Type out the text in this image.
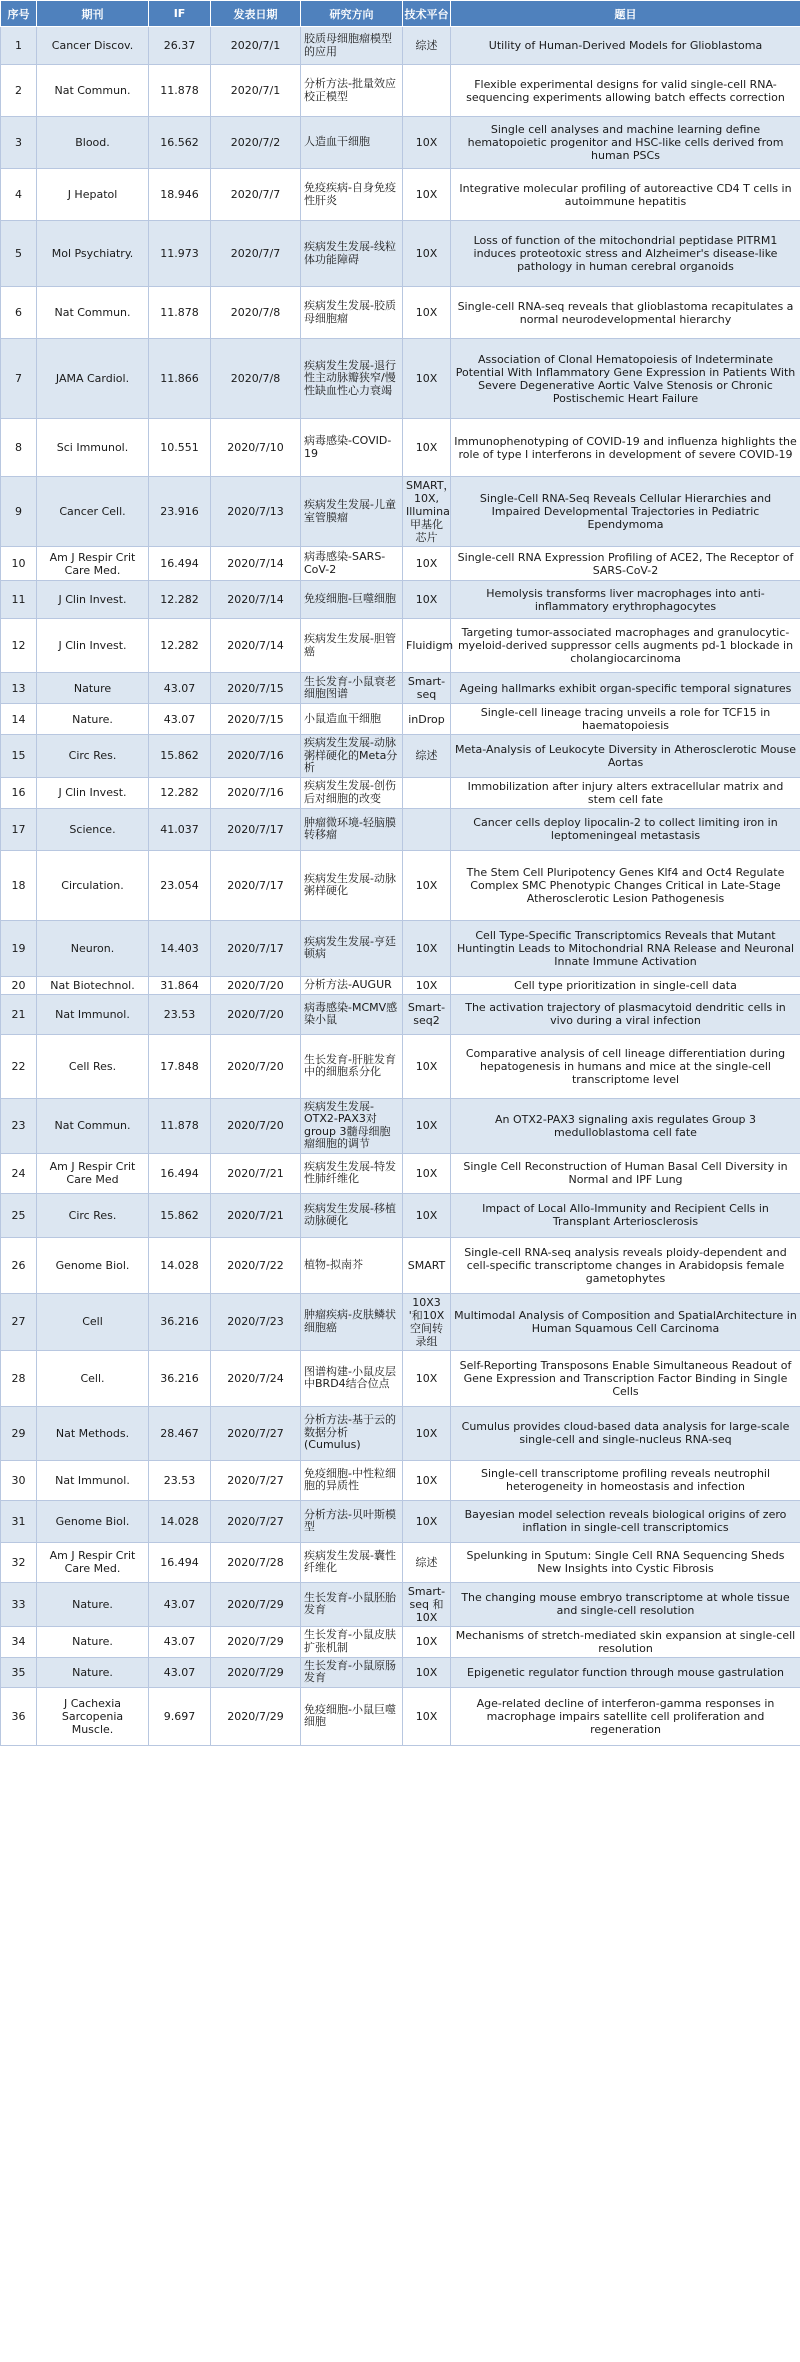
序号	期刊	IF	发表日期	研究方向	技术平台	题目
1	Cancer Discov.	26.37	2020/7/1	胶质母细胞瘤模型的应用	综述	Utility of Human-Derived Models for Glioblastoma
2	Nat Commun.	11.878	2020/7/1	分析方法-批量效应校正模型		Flexible experimental designs for valid single-cell RNA-sequencing experiments allowing batch effects correction
3	Blood.	16.562	2020/7/2	人造血干细胞	10X	Single cell analyses and machine learning define hematopoietic progenitor and HSC-like cells derived from human PSCs
4	J Hepatol	18.946	2020/7/7	免疫疾病-自身免疫性肝炎	10X	Integrative molecular profiling of autoreactive CD4 T cells in autoimmune hepatitis
5	Mol Psychiatry.	11.973	2020/7/7	疾病发生发展-线粒体功能障碍	10X	Loss of function of the mitochondrial peptidase PITRM1 induces proteotoxic stress and Alzheimer's disease-like pathology in human cerebral organoids
6	Nat Commun.	11.878	2020/7/8	疾病发生发展-胶质母细胞瘤	10X	Single-cell RNA-seq reveals that glioblastoma recapitulates a normal neurodevelopmental hierarchy
7	JAMA Cardiol.	11.866	2020/7/8	疾病发生发展-退行性主动脉瓣狭窄/慢性缺血性心力衰竭	10X	Association of Clonal Hematopoiesis of Indeterminate Potential With Inflammatory Gene Expression in Patients With Severe Degenerative Aortic Valve Stenosis or Chronic Postischemic Heart Failure
8	Sci Immunol.	10.551	2020/7/10	病毒感染-COVID-19	10X	Immunophenotyping of COVID-19 and influenza highlights the role of type I interferons in development of severe COVID-19
9	Cancer Cell.	23.916	2020/7/13	疾病发生发展-儿童室管膜瘤	SMART，10X, Illumina甲基化芯片	Single-Cell RNA-Seq Reveals Cellular Hierarchies and Impaired Developmental Trajectories in Pediatric Ependymoma
10	Am J Respir Crit Care Med.	16.494	2020/7/14	病毒感染-SARS-CoV-2	10X	Single-cell RNA Expression Profiling of ACE2, The Receptor of SARS-CoV-2
11	J Clin Invest.	12.282	2020/7/14	免疫细胞-巨噬细胞	10X	Hemolysis transforms liver macrophages into anti-inflammatory erythrophagocytes
12	J Clin Invest.	12.282	2020/7/14	疾病发生发展-胆管癌	Fluidigm	Targeting tumor-associated macrophages and granulocytic-myeloid-derived suppressor cells augments pd-1 blockade in cholangiocarcinoma
13	Nature	43.07	2020/7/15	生长发育-小鼠衰老细胞图谱	Smart-seq	Ageing hallmarks exhibit organ-specific temporal signatures
14	Nature.	43.07	2020/7/15	小鼠造血干细胞	inDrop	Single-cell lineage tracing unveils a role for TCF15 in haematopoiesis
15	Circ Res.	15.862	2020/7/16	疾病发生发展-动脉粥样硬化的Meta分析	综述	Meta-Analysis of Leukocyte Diversity in Atherosclerotic Mouse Aortas
16	J Clin Invest.	12.282	2020/7/16	疾病发生发展-创伤后对细胞的改变		Immobilization after injury alters extracellular matrix and stem cell fate
17	Science.	41.037	2020/7/17	肿瘤微环境-轻脑膜转移瘤		Cancer cells deploy lipocalin-2 to collect limiting iron in leptomeningeal metastasis
18	Circulation.	23.054	2020/7/17	疾病发生发展-动脉粥样硬化	10X	The Stem Cell Pluripotency Genes Klf4 and Oct4 Regulate Complex SMC Phenotypic Changes Critical in Late-Stage Atherosclerotic Lesion Pathogenesis
19	Neuron.	14.403	2020/7/17	疾病发生发展-亨廷顿病	10X	Cell Type-Specific Transcriptomics Reveals that Mutant Huntingtin Leads to Mitochondrial RNA Release and Neuronal Innate Immune Activation
20	Nat Biotechnol.	31.864	2020/7/20	分析方法-AUGUR	10X	Cell type prioritization in single-cell data
21	Nat Immunol.	23.53	2020/7/20	病毒感染-MCMV感染小鼠	Smart-seq2	The activation trajectory of plasmacytoid dendritic cells in vivo during a viral infection
22	Cell Res.	17.848	2020/7/20	生长发育-肝脏发育中的细胞系分化	10X	Comparative analysis of cell lineage differentiation during hepatogenesis in humans and mice at the single-cell transcriptome level
23	Nat Commun.	11.878	2020/7/20	疾病发生发展- OTX2-PAX3对group 3髓母细胞瘤细胞的调节	10X	An OTX2-PAX3 signaling axis regulates Group 3 medulloblastoma cell fate
24	Am J Respir Crit Care Med	16.494	2020/7/21	疾病发生发展-特发性肺纤维化	10X	Single Cell Reconstruction of Human Basal Cell Diversity in Normal and IPF Lung
25	Circ Res.	15.862	2020/7/21	疾病发生发展-移植动脉硬化	10X	Impact of Local Allo-Immunity and Recipient Cells in Transplant Arteriosclerosis
26	Genome Biol.	14.028	2020/7/22	植物-拟南芥	SMART	Single-cell RNA-seq analysis reveals ploidy-dependent and cell-specific transcriptome changes in Arabidopsis female gametophytes
27	Cell	36.216	2020/7/23	肿瘤疾病-皮肤鳞状细胞癌	10X3 '和10X空间转录组	Multimodal Analysis of Composition and SpatialArchitecture in Human Squamous Cell Carcinoma
28	Cell.	36.216	2020/7/24	图谱构建-小鼠皮层中BRD4结合位点	10X	Self-Reporting Transposons Enable Simultaneous Readout of Gene Expression and Transcription Factor Binding in Single Cells
29	Nat Methods.	28.467	2020/7/27	分析方法-基于云的数据分析(Cumulus)	10X	Cumulus provides cloud-based data analysis for large-scale single-cell and single-nucleus RNA-seq
30	Nat Immunol.	23.53	2020/7/27	免疫细胞-中性粒细胞的异质性	10X	Single-cell transcriptome profiling reveals neutrophil heterogeneity in homeostasis and infection
31	Genome Biol.	14.028	2020/7/27	分析方法-贝叶斯模型	10X	Bayesian model selection reveals biological origins of zero inflation in single-cell transcriptomics
32	Am J Respir Crit Care Med.	16.494	2020/7/28	疾病发生发展-囊性纤维化	综述	Spelunking in Sputum: Single Cell RNA Sequencing Sheds New Insights into Cystic Fibrosis
33	Nature.	43.07	2020/7/29	生长发育-小鼠胚胎发育	Smart-seq 和 10X	The changing mouse embryo transcriptome at whole tissue and single-cell resolution
34	Nature.	43.07	2020/7/29	生长发育-小鼠皮肤扩张机制	10X	Mechanisms of stretch-mediated skin expansion at single-cell resolution
35	Nature.	43.07	2020/7/29	生长发育-小鼠原肠发育	10X	Epigenetic regulator function through mouse gastrulation
36	J Cachexia Sarcopenia Muscle.	9.697	2020/7/29	免疫细胞-小鼠巨噬细胞	10X	Age-related decline of interferon-gamma responses in macrophage impairs satellite cell proliferation and regeneration
